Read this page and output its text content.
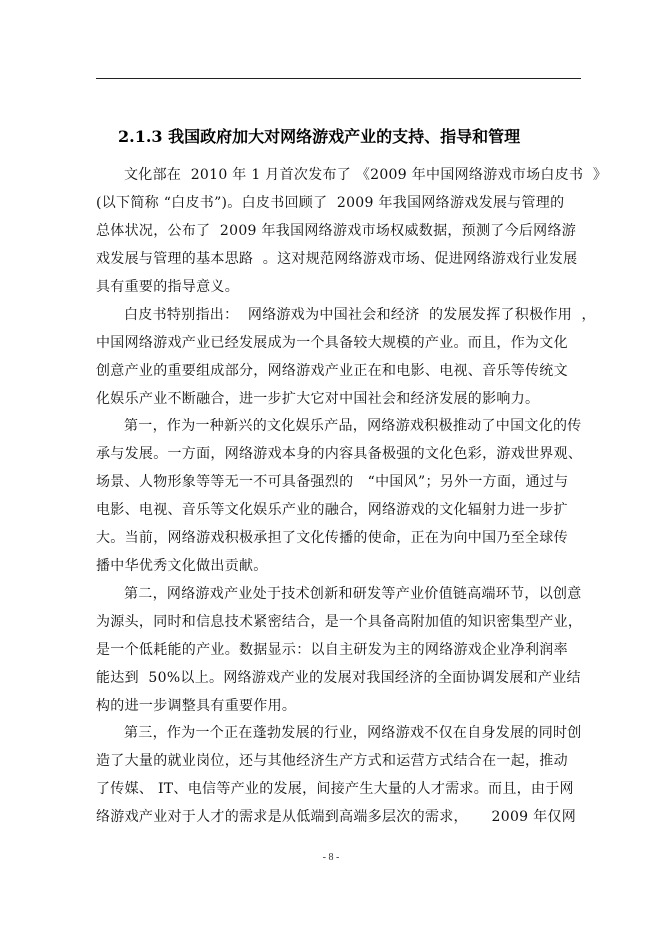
2.1.3 我国政府加大对网络游戏产业的支持、指导和管理
文化部在  2010 年 1 月首次发布了 《2009 年中国网络游戏市场白皮书  》
(以下简称 “白皮书”)。白皮书回顾了  2009 年我国网络游戏发展与管理的
总体状况，公布了  2009 年我国网络游戏市场权威数据，预测了今后网络游
戏发展与管理的基本思路  。这对规范网络游戏市场、促进网络游戏行业发展
具有重要的指导意义。
白皮书特别指出：  网络游戏为中国社会和经济  的发展发挥了积极作用  ，
中国网络游戏产业已经发展成为一个具备较大规模的产业。而且，作为文化
创意产业的重要组成部分，网络游戏产业正在和电影、电视、音乐等传统文
化娱乐产业不断融合，进一步扩大它对中国社会和经济发展的影响力。
第一，作为一种新兴的文化娱乐产品，网络游戏积极推动了中国文化的传
承与发展。一方面，网络游戏本身的内容具备极强的文化色彩，游戏世界观、
场景、人物形象等等无一不可具备强烈的   “中国风”；另外一方面，通过与
电影、电视、音乐等文化娱乐产业的融合，网络游戏的文化辐射力进一步扩
大。当前，网络游戏积极承担了文化传播的使命，正在为向中国乃至全球传
播中华优秀文化做出贡献。
第二，网络游戏产业处于技术创新和研发等产业价值链高端环节，以创意
为源头，同时和信息技术紧密结合，是一个具备高附加值的知识密集型产业，
是一个低耗能的产业。数据显示：以自主研发为主的网络游戏企业净利润率
能达到  50%以上。网络游戏产业的发展对我国经济的全面协调发展和产业结
构的进一步调整具有重要作用。
第三，作为一个正在蓬勃发展的行业，网络游戏不仅在自身发展的同时创
造了大量的就业岗位，还与其他经济生产方式和运营方式结合在一起，推动
了传媒、 IT、电信等产业的发展，间接产生大量的人才需求。而且，由于网
络游戏产业对于人才的需求是从低端到高端多层次的需求，     2009 年仅网
- 8 -
